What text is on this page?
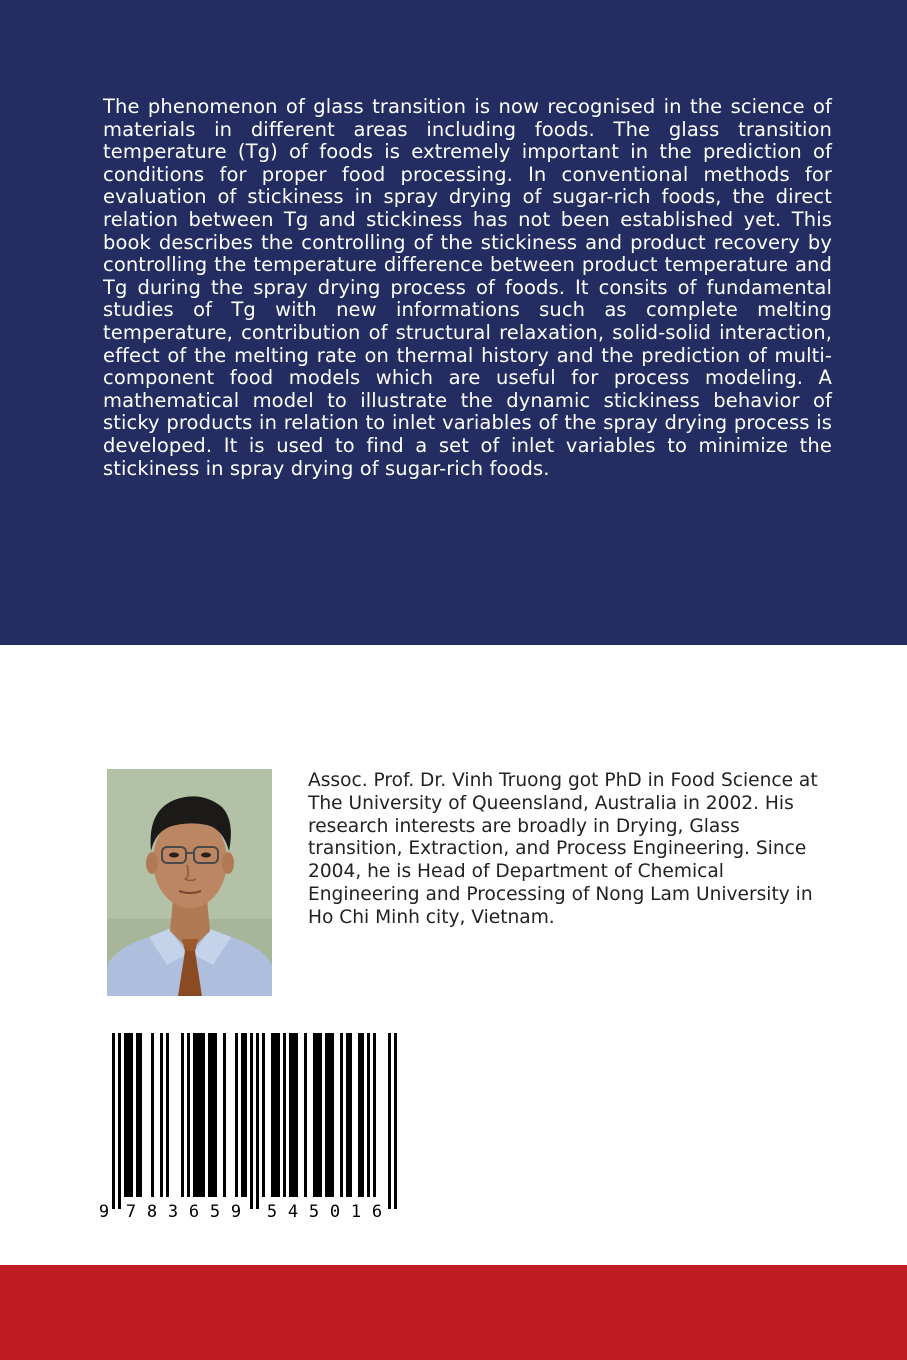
The phenomenon of glass transition is now recognised in the science of materials in different areas including foods. The glass transition temperature (Tg) of foods is extremely important in the prediction of conditions for proper food processing. In conventional methods for evaluation of stickiness in spray drying of sugar-rich foods, the direct relation between Tg and stickiness has not been established yet. This book describes the controlling of the stickiness and product recovery by controlling the temperature difference between product temperature and Tg during the spray drying process of foods. It consits of fundamental studies of Tg with new informations such as complete melting temperature, contribution of structural relaxation, solid-solid interaction, effect of the melting rate on thermal history and the prediction of multi-component food models which are useful for process modeling. A mathematical model to illustrate the dynamic stickiness behavior of sticky products in relation to inlet variables of the spray drying process is developed. It is used to find a set of inlet variables to minimize the stickiness in spray drying of sugar-rich foods.

Assoc. Prof. Dr. Vinh Truong got PhD in Food Science at The University of Queensland, Australia in 2002. His research interests are broadly in Drying, Glass transition, Extraction, and Process Engineering. Since 2004, he is Head of Department of Chemical Engineering and Processing of Nong Lam University in Ho Chi Minh city, Vietnam.

9 7 8 3 6 5 9 5 4 5 0 1 6
